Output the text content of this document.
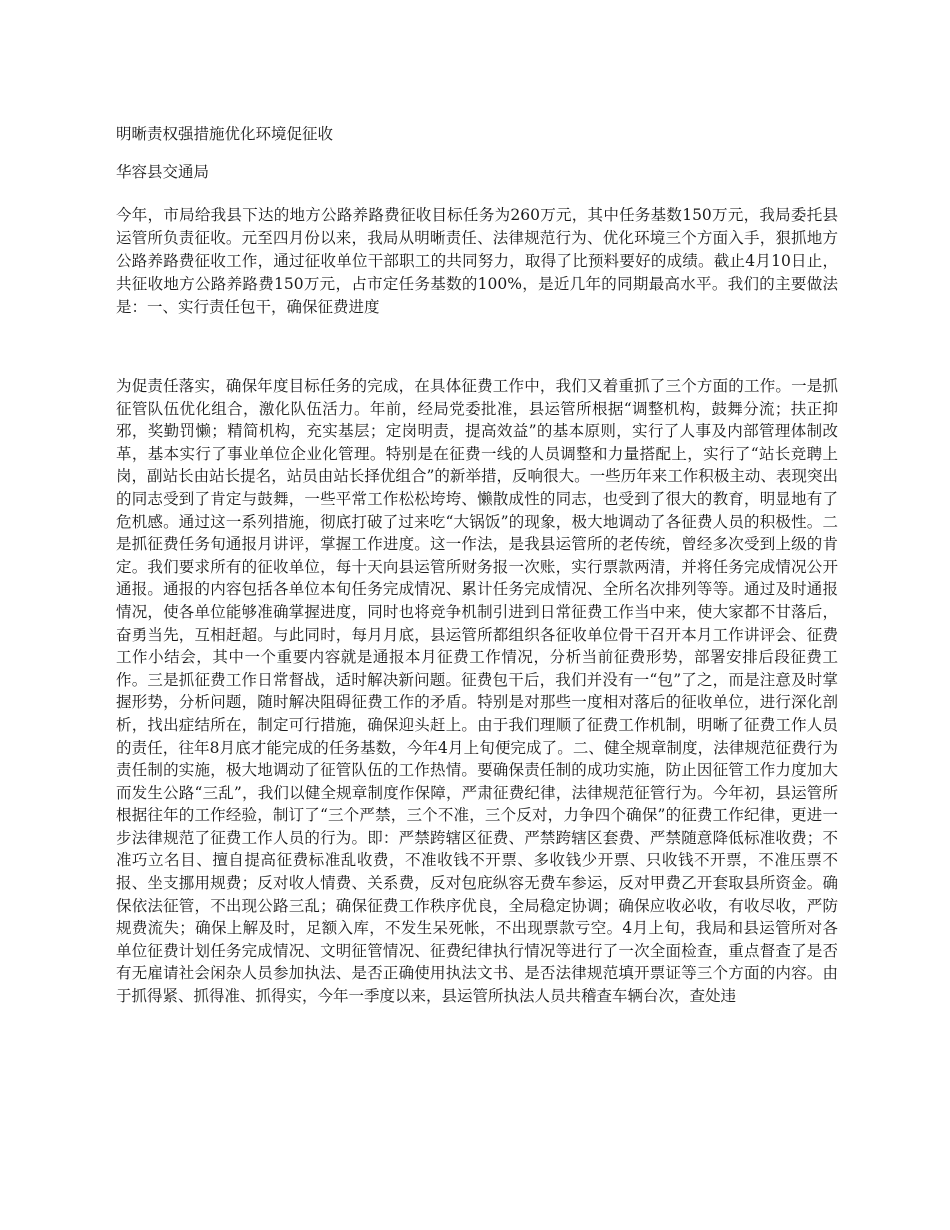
明晰责权强措施优化环境促征收
华容县交通局

今年，市局给我县下达的地方公路养路费征收目标任务为260万元，其中任务基数150万元，我局委托县运管所负责征收。元至四月份以来，我局从明晰责任、法律规范行为、优化环境三个方面入手，狠抓地方公路养路费征收工作，通过征收单位干部职工的共同努力，取得了比预料要好的成绩。截止4月10日止，共征收地方公路养路费150万元，占市定任务基数的100%，是近几年的同期最高水平。我们的主要做法是：一、实行责任包干，确保征费进度

为促责任落实，确保年度目标任务的完成，在具体征费工作中，我们又着重抓了三个方面的工作。一是抓征管队伍优化组合，激化队伍活力。年前，经局党委批准，县运管所根据“调整机构，鼓舞分流；扶正抑邪，奖勤罚懒；精简机构，充实基层；定岗明责，提高效益”的基本原则，实行了人事及内部管理体制改革，基本实行了事业单位企业化管理。特别是在征费一线的人员调整和力量搭配上，实行了“站长竞聘上岗，副站长由站长提名，站员由站长择优组合”的新举措，反响很大。一些历年来工作积极主动、表现突出的同志受到了肯定与鼓舞，一些平常工作松松垮垮、懒散成性的同志，也受到了很大的教育，明显地有了危机感。通过这一系列措施，彻底打破了过来吃“大锅饭”的现象，极大地调动了各征费人员的积极性。二是抓征费任务旬通报月讲评，掌握工作进度。这一作法，是我县运管所的老传统，曾经多次受到上级的肯定。我们要求所有的征收单位，每十天向县运管所财务报一次账，实行票款两清，并将任务完成情况公开通报。通报的内容包括各单位本旬任务完成情况、累计任务完成情况、全所名次排列等等。通过及时通报情况，使各单位能够准确掌握进度，同时也将竞争机制引进到日常征费工作当中来，使大家都不甘落后，奋勇当先，互相赶超。与此同时，每月月底，县运管所都组织各征收单位骨干召开本月工作讲评会、征费工作小结会，其中一个重要内容就是通报本月征费工作情况，分析当前征费形势，部署安排后段征费工作。三是抓征费工作日常督战，适时解决新问题。征费包干后，我们并没有一“包”了之，而是注意及时掌握形势，分析问题，随时解决阻碍征费工作的矛盾。特别是对那些一度相对落后的征收单位，进行深化剖析，找出症结所在，制定可行措施，确保迎头赶上。由于我们理顺了征费工作机制，明晰了征费工作人员的责任，往年8月底才能完成的任务基数，今年4月上旬便完成了。二、健全规章制度，法律规范征费行为责任制的实施，极大地调动了征管队伍的工作热情。要确保责任制的成功实施，防止因征管工作力度加大而发生公路“三乱”，我们以健全规章制度作保障，严肃征费纪律，法律规范征管行为。今年初，县运管所根据往年的工作经验，制订了“三个严禁，三个不准，三个反对，力争四个确保”的征费工作纪律，更进一步法律规范了征费工作人员的行为。即：严禁跨辖区征费、严禁跨辖区套费、严禁随意降低标准收费；不准巧立名目、擅自提高征费标准乱收费，不准收钱不开票、多收钱少开票、只收钱不开票，不准压票不报、坐支挪用规费；反对收人情费、关系费，反对包庇纵容无费车参运，反对甲费乙开套取县所资金。确保依法征管，不出现公路三乱；确保征费工作秩序优良，全局稳定协调；确保应收必收，有收尽收，严防规费流失；确保上解及时，足额入库，不发生呆死帐，不出现票款亏空。4月上旬，我局和县运管所对各单位征费计划任务完成情况、文明征管情况、征费纪律执行情况等进行了一次全面检查，重点督查了是否有无雇请社会闲杂人员参加执法、是否正确使用执法文书、是否法律规范填开票证等三个方面的内容。由于抓得紧、抓得准、抓得实，今年一季度以来，县运管所执法人员共稽查车辆台次，查处违
